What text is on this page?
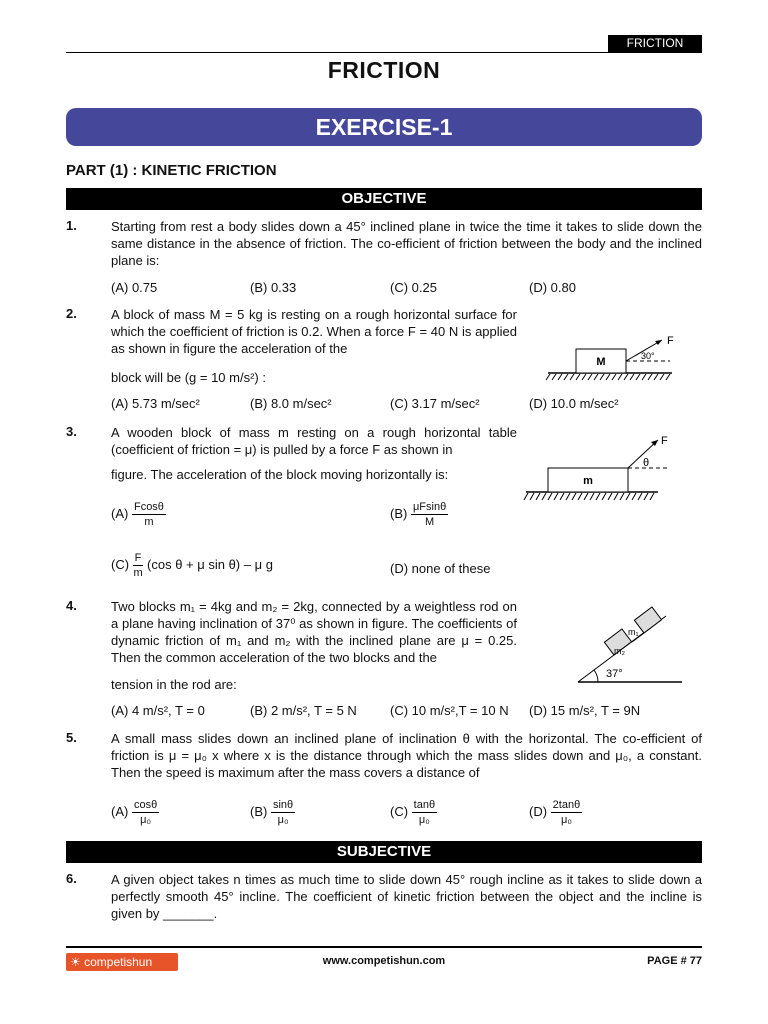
FRICTION
FRICTION
EXERCISE-1
PART (1) : KINETIC FRICTION
OBJECTIVE
1.	Starting from rest a body slides down a 45° inclined plane in twice the time it takes to slide down the same distance in the absence of friction. The co-efficient of friction between the body and the inclined plane is:
(A) 0.75	(B) 0.33	(C) 0.25	(D) 0.80
2.	A block of mass M = 5 kg is resting on a rough horizontal surface for which the coefficient of friction is 0.2. When a force F = 40 N is applied as shown in figure the acceleration of the
block will be (g = 10 m/s²) :
(A) 5.73 m/sec²	(B) 8.0 m/sec²	(C) 3.17 m/sec²	(D) 10.0 m/sec²
M
F
30°
3.	A wooden block of mass m resting on a rough horizontal table (coefficient of friction = μ) is pulled by a force F as shown in
figure. The acceleration of the block moving horizontally is:
$(A) \frac{Fcos\theta}{m}$	$(B) \frac{\mu Fsin\theta}{M}$
$(C) \frac{F}{m} (\cos$ θ + μ sin θ) – μ g	(D) none of these
m
F
θ
4.	Two blocks m₁ = 4kg and m₂ = 2kg, connected by a weightless rod on a plane having inclination of 37⁰ as shown in figure. The coefficients of dynamic friction of m₁ and m₂ with the inclined plane are μ = 0.25. Then the common acceleration of the two blocks and the
tension in the rod are:
(A) 4 m/s², T = 0	(B) 2 m/s², T = 5 N	(C) 10 m/s²,T = 10 N (D) 15 m/s², T = 9N
m₂
m₁
37°
5.	A small mass slides down an inclined plane of inclination θ with the horizontal. The co-efficient of friction is μ = μ₀ x where x is the distance through which the mass slides down and μ₀, a constant. Then the speed is maximum after the mass covers a distance of
$(A) \frac{\cos\theta}{\text{μ₀}}$	$(B) \frac{\sin\theta}{\text{μ₀}}$	$(C) \frac{\tan\theta}{\text{μ₀}}$	$(D) \frac{2\tan\theta}{\text{μ₀}}$
SUBJECTIVE
6.	A given object takes n times as much time to slide down 45° rough incline as it takes to slide down a perfectly smooth 45° incline. The coefficient of kinetic friction between the object and the incline is given by _______.
☀ competishun	www.competishun.com	PAGE # 77
